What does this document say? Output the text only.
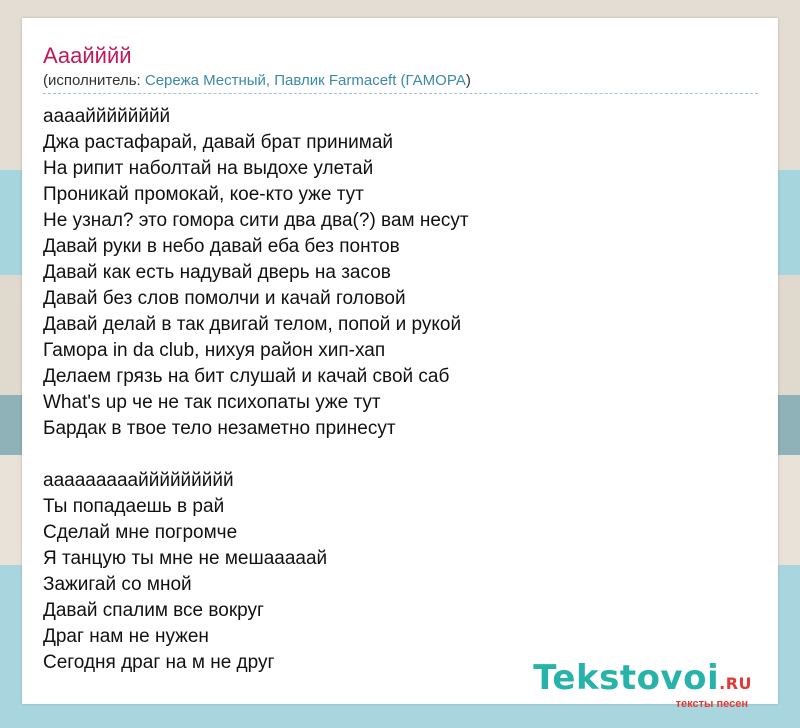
Ааайййй
(исполнитель: Сережа Местный, Павлик Farmaceft (ГАМОРА)
аааайййййййй
Джа растафарай, давай брат принимай
На рипит наболтай на выдохе улетай
Проникай промокай, кое-кто уже тут
Не узнал? это гомора сити два два(?) вам несут
Давай руки в небо давай еба без понтов
Давай как есть надувай дверь на засов
Давай без слов помолчи и качай головой
Давай делай в так двигай телом, попой и рукой
Гамора in da club, нихуя район хип-хап
Делаем грязь на бит слушай и качай свой саб
What's up че не так психопаты уже тут
Бардак в твое тело незаметно принесут
аааааааааййййййййй
Ты попадаешь в рай
Сделай мне погромче
Я танцую ты мне не мешааааай
Зажигай со мной
Давай спалим все вокруг
Драг нам не нужен
Сегодня драг на м не друг	Tekstovoi.RU
тексты песен
